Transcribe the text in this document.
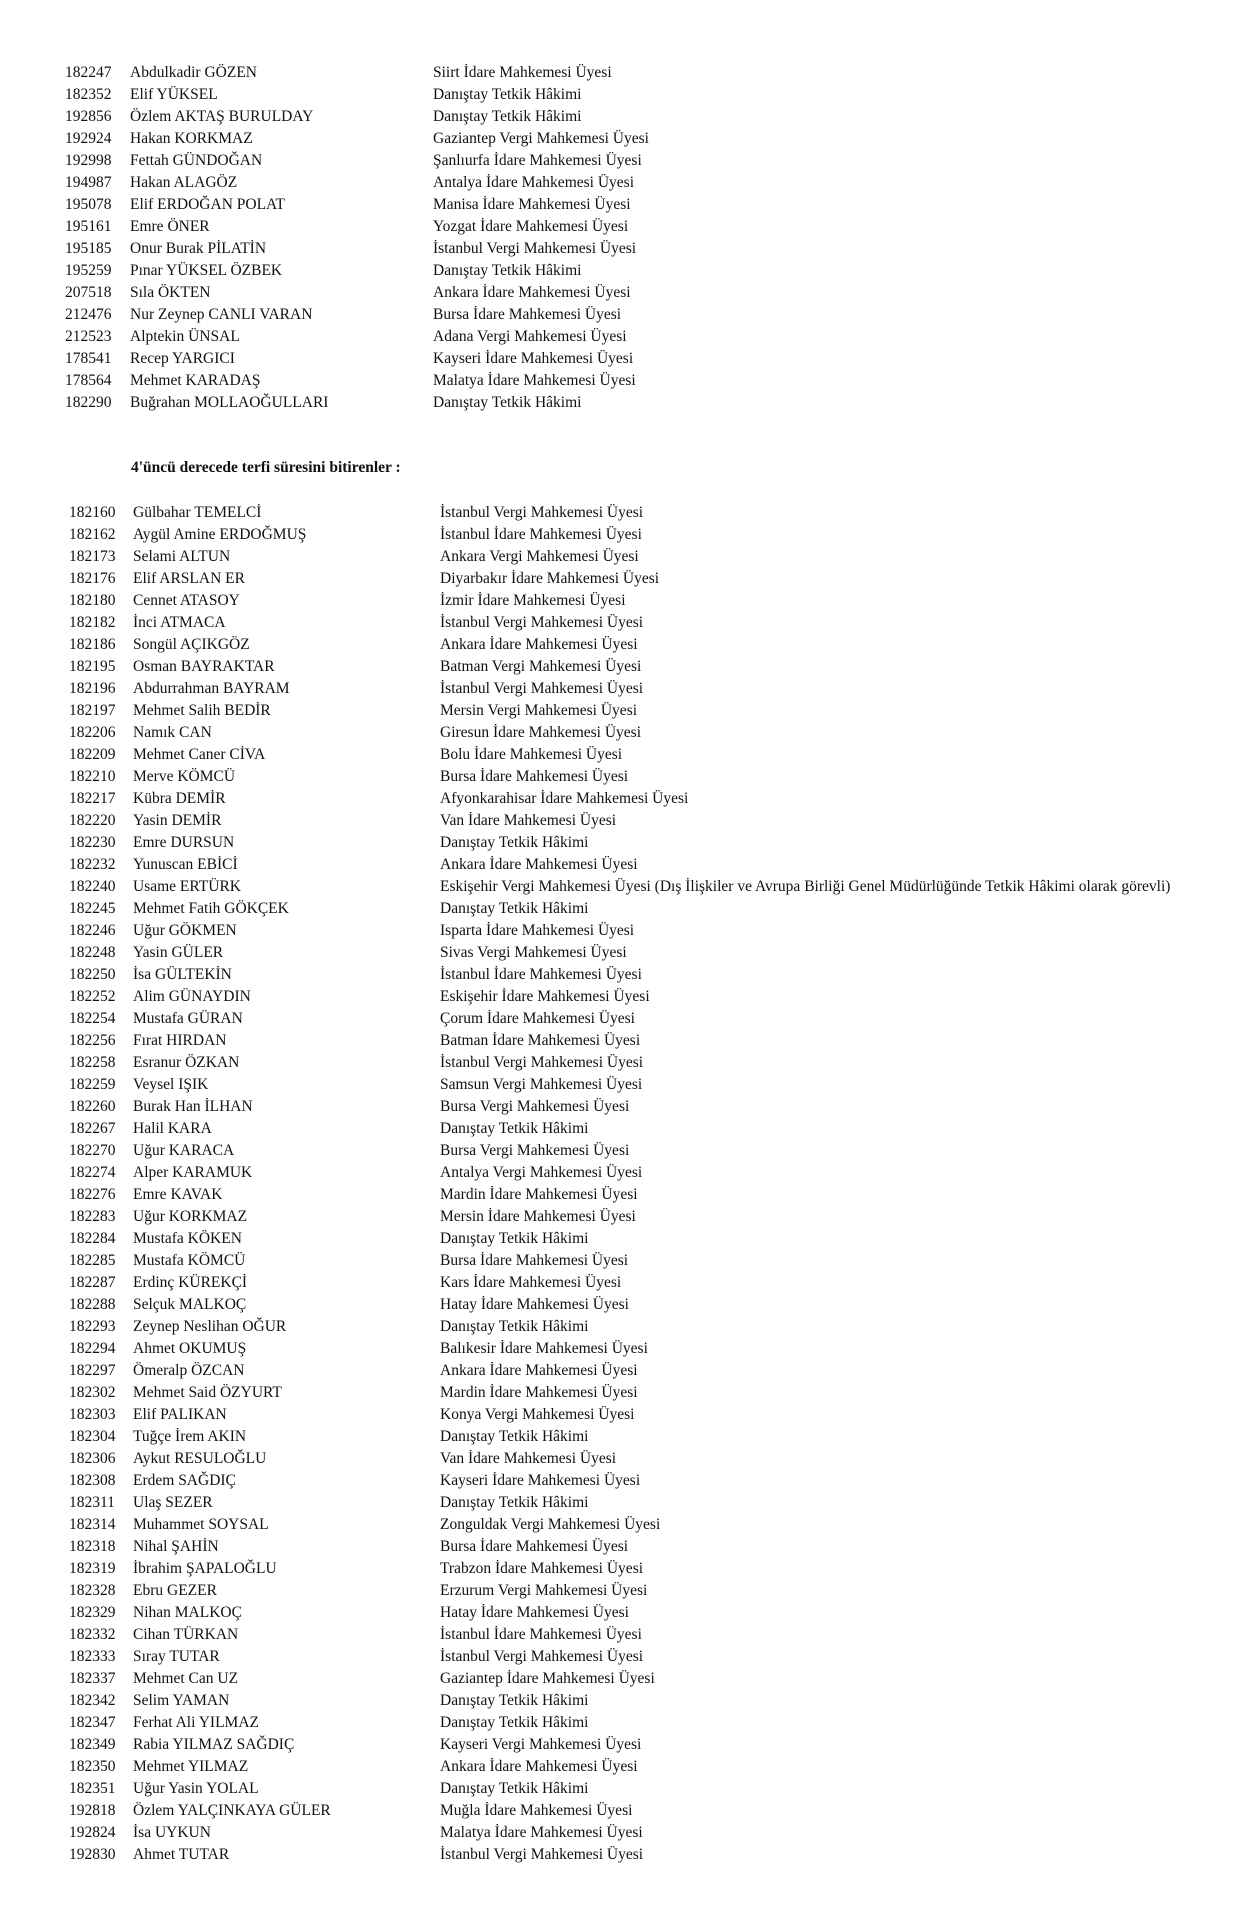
182247 Abdulkadir GÖZEN	Siirt İdare Mahkemesi Üyesi
182352 Elif YÜKSEL	Danıştay Tetkik Hâkimi
192856 Özlem AKTAŞ BURULDAY	Danıştay Tetkik Hâkimi
192924 Hakan KORKMAZ	Gaziantep Vergi Mahkemesi Üyesi
192998 Fettah GÜNDOĞAN	Şanlıurfa İdare Mahkemesi Üyesi
194987 Hakan ALAGÖZ	Antalya İdare Mahkemesi Üyesi
195078 Elif ERDOĞAN POLAT	Manisa İdare Mahkemesi Üyesi
195161 Emre ÖNER	Yozgat İdare Mahkemesi Üyesi
195185 Onur Burak PİLATİN	İstanbul Vergi Mahkemesi Üyesi
195259 Pınar YÜKSEL ÖZBEK	Danıştay Tetkik Hâkimi
207518 Sıla ÖKTEN	Ankara İdare Mahkemesi Üyesi
212476 Nur Zeynep CANLI VARAN	Bursa İdare Mahkemesi Üyesi
212523 Alptekin ÜNSAL	Adana Vergi Mahkemesi Üyesi
178541 Recep YARGICI	Kayseri İdare Mahkemesi Üyesi
178564 Mehmet KARADAŞ	Malatya İdare Mahkemesi Üyesi
182290 Buğrahan MOLLAOĞULLARI	Danıştay Tetkik Hâkimi
4'üncü derecede terfi süresini bitirenler :
182160 Gülbahar TEMELCİ	İstanbul Vergi Mahkemesi Üyesi
182162 Aygül Amine ERDOĞMUŞ	İstanbul İdare Mahkemesi Üyesi
182173 Selami ALTUN	Ankara Vergi Mahkemesi Üyesi
182176 Elif ARSLAN ER	Diyarbakır İdare Mahkemesi Üyesi
182180 Cennet ATASOY	İzmir İdare Mahkemesi Üyesi
182182 İnci ATMACA	İstanbul Vergi Mahkemesi Üyesi
182186 Songül AÇIKGÖZ	Ankara İdare Mahkemesi Üyesi
182195 Osman BAYRAKTAR	Batman Vergi Mahkemesi Üyesi
182196 Abdurrahman BAYRAM	İstanbul Vergi Mahkemesi Üyesi
182197 Mehmet Salih BEDİR	Mersin Vergi Mahkemesi Üyesi
182206 Namık CAN	Giresun İdare Mahkemesi Üyesi
182209 Mehmet Caner CİVA	Bolu İdare Mahkemesi Üyesi
182210 Merve KÖMCÜ	Bursa İdare Mahkemesi Üyesi
182217 Kübra DEMİR	Afyonkarahisar İdare Mahkemesi Üyesi
182220 Yasin DEMİR	Van İdare Mahkemesi Üyesi
182230 Emre DURSUN	Danıştay Tetkik Hâkimi
182232 Yunuscan EBİCİ	Ankara İdare Mahkemesi Üyesi
182240 Usame ERTÜRK	Eskişehir Vergi Mahkemesi Üyesi (Dış İlişkiler ve Avrupa Birliği Genel Müdürlüğünde Tetkik Hâkimi olarak görevli)
182245 Mehmet Fatih GÖKÇEK	Danıştay Tetkik Hâkimi
182246 Uğur GÖKMEN	Isparta İdare Mahkemesi Üyesi
182248 Yasin GÜLER	Sivas Vergi Mahkemesi Üyesi
182250 İsa GÜLTEKİN	İstanbul İdare Mahkemesi Üyesi
182252 Alim GÜNAYDIN	Eskişehir İdare Mahkemesi Üyesi
182254 Mustafa GÜRAN	Çorum İdare Mahkemesi Üyesi
182256 Fırat HIRDAN	Batman İdare Mahkemesi Üyesi
182258 Esranur ÖZKAN	İstanbul Vergi Mahkemesi Üyesi
182259 Veysel IŞIK	Samsun Vergi Mahkemesi Üyesi
182260 Burak Han İLHAN	Bursa Vergi Mahkemesi Üyesi
182267 Halil KARA	Danıştay Tetkik Hâkimi
182270 Uğur KARACA	Bursa Vergi Mahkemesi Üyesi
182274 Alper KARAMUK	Antalya Vergi Mahkemesi Üyesi
182276 Emre KAVAK	Mardin İdare Mahkemesi Üyesi
182283 Uğur KORKMAZ	Mersin İdare Mahkemesi Üyesi
182284 Mustafa KÖKEN	Danıştay Tetkik Hâkimi
182285 Mustafa KÖMCÜ	Bursa İdare Mahkemesi Üyesi
182287 Erdinç KÜREKÇİ	Kars İdare Mahkemesi Üyesi
182288 Selçuk MALKOÇ	Hatay İdare Mahkemesi Üyesi
182293 Zeynep Neslihan OĞUR	Danıştay Tetkik Hâkimi
182294 Ahmet OKUMUŞ	Balıkesir İdare Mahkemesi Üyesi
182297 Ömeralp ÖZCAN	Ankara İdare Mahkemesi Üyesi
182302 Mehmet Said ÖZYURT	Mardin İdare Mahkemesi Üyesi
182303 Elif PALIKAN	Konya Vergi Mahkemesi Üyesi
182304 Tuğçe İrem AKIN	Danıştay Tetkik Hâkimi
182306 Aykut RESULOĞLU	Van İdare Mahkemesi Üyesi
182308 Erdem SAĞDIÇ	Kayseri İdare Mahkemesi Üyesi
182311 Ulaş SEZER	Danıştay Tetkik Hâkimi
182314 Muhammet SOYSAL	Zonguldak Vergi Mahkemesi Üyesi
182318 Nihal ŞAHİN	Bursa İdare Mahkemesi Üyesi
182319 İbrahim ŞAPALOĞLU	Trabzon İdare Mahkemesi Üyesi
182328 Ebru GEZER	Erzurum Vergi Mahkemesi Üyesi
182329 Nihan MALKOÇ	Hatay İdare Mahkemesi Üyesi
182332 Cihan TÜRKAN	İstanbul İdare Mahkemesi Üyesi
182333 Sıray TUTAR	İstanbul Vergi Mahkemesi Üyesi
182337 Mehmet Can UZ	Gaziantep İdare Mahkemesi Üyesi
182342 Selim YAMAN	Danıştay Tetkik Hâkimi
182347 Ferhat Ali YILMAZ	Danıştay Tetkik Hâkimi
182349 Rabia YILMAZ SAĞDIÇ	Kayseri Vergi Mahkemesi Üyesi
182350 Mehmet YILMAZ	Ankara İdare Mahkemesi Üyesi
182351 Uğur Yasin YOLAL	Danıştay Tetkik Hâkimi
192818 Özlem YALÇINKAYA GÜLER	Muğla İdare Mahkemesi Üyesi
192824 İsa UYKUN	Malatya İdare Mahkemesi Üyesi
192830 Ahmet TUTAR	İstanbul Vergi Mahkemesi Üyesi
